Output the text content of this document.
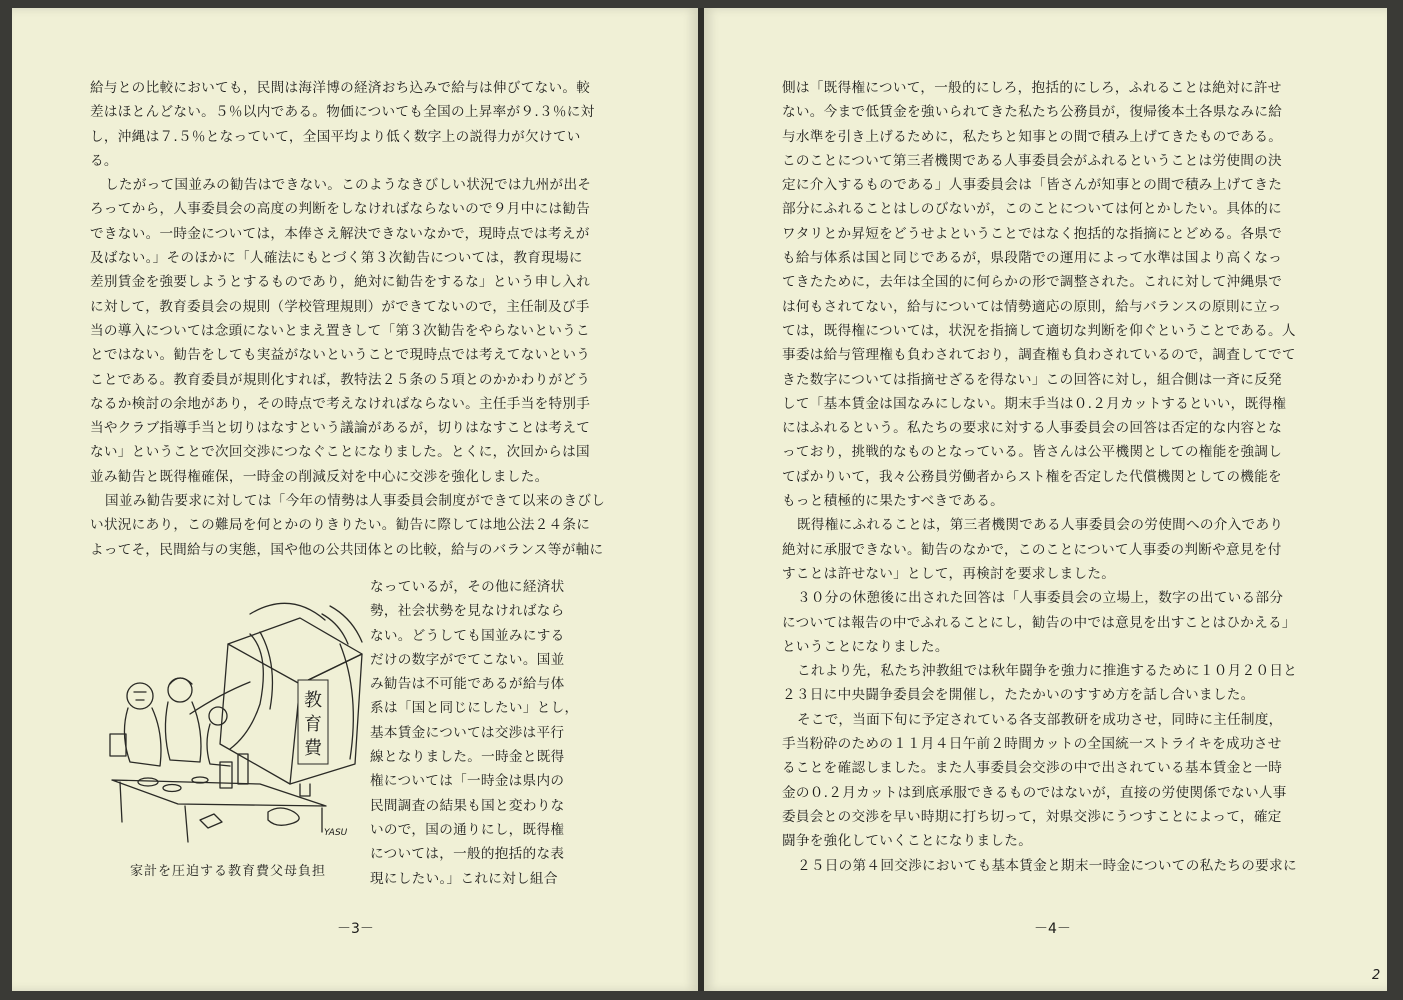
給与との比較においても，民間は海洋博の経済おち込みで給与は伸びてない。較

差はほとんどない。５％以内である。物価についても全国の上昇率が９.３％に対

し，沖縄は７.５％となっていて，全国平均より低く数字上の説得力が欠けてい

る。

したがって国並みの勧告はできない。このようなきびしい状況では九州が出そ

ろってから，人事委員会の高度の判断をしなければならないので９月中には勧告

できない。一時金については，本俸さえ解決できないなかで，現時点では考えが

及ばない。」そのほかに「人確法にもとづく第３次勧告については，教育現場に

差別賃金を強要しようとするものであり，絶対に勧告をするな」という申し入れ

に対して，教育委員会の規則（学校管理規則）ができてないので，主任制及び手

当の導入については念頭にないとまえ置きして「第３次勧告をやらないというこ

とではない。勧告をしても実益がないということで現時点では考えてないという

ことである。教育委員が規則化すれば，教特法２５条の５項とのかかわりがどう

なるか検討の余地があり，その時点で考えなければならない。主任手当を特別手

当やクラブ指導手当と切りはなすという議論があるが，切りはなすことは考えて

ない」ということで次回交渉につなぐことになりました。とくに，次回からは国

並み勧告と既得権確保，一時金の削減反対を中心に交渉を強化しました。

国並み勧告要求に対しては「今年の情勢は人事委員会制度ができて以来のきびし

い状況にあり，この難局を何とかのりきりたい。勧告に際しては地公法２４条に

よってそ，民間給与の実態，国や他の公共団体との比較，給与のバランス等が軸に

なっているが，その他に経済状

勢，社会状勢を見なければなら

ない。どうしても国並みにする

だけの数字がでてこない。国並

み勧告は不可能であるが給与体

系は「国と同じにしたい」とし，

基本賃金については交渉は平行

線となりました。一時金と既得

権については「一時金は県内の

民間調査の結果も国と変わりな

いので，国の通りにし，既得権

については，一般的抱括的な表

現にしたい。」これに対し組合

教育費
YASU
家計を圧迫する教育費父母負担
－3－

側は「既得権について，一般的にしろ，抱括的にしろ，ふれることは絶対に許せ

ない。今まで低賃金を強いられてきた私たち公務員が，復帰後本土各県なみに給

与水準を引き上げるために，私たちと知事との間で積み上げてきたものである。

このことについて第三者機関である人事委員会がふれるということは労使間の決

定に介入するものである」人事委員会は「皆さんが知事との間で積み上げてきた

部分にふれることはしのびないが，このことについては何とかしたい。具体的に

ワタリとか昇短をどうせよということではなく抱括的な指摘にとどめる。各県で

も給与体系は国と同じであるが，県段階での運用によって水準は国より高くなっ

てきたために，去年は全国的に何らかの形で調整された。これに対して沖縄県で

は何もされてない，給与については情勢適応の原則，給与バランスの原則に立っ

ては，既得権については，状況を指摘して適切な判断を仰ぐということである。人

事委は給与管理権も負わされており，調査権も負わされているので，調査してでて

きた数字については指摘せざるを得ない」この回答に対し，組合側は一斉に反発

して「基本賃金は国なみにしない。期末手当は０.２月カットするといい，既得権

にはふれるという。私たちの要求に対する人事委員会の回答は否定的な内容とな

っており，挑戦的なものとなっている。皆さんは公平機関としての権能を強調し

てばかりいて，我々公務員労働者からスト権を否定した代償機関としての機能を

もっと積極的に果たすべきである。

既得権にふれることは，第三者機関である人事委員会の労使間への介入であり

絶対に承服できない。勧告のなかで，このことについて人事委の判断や意見を付

すことは許せない」として，再検討を要求しました。

３０分の休憩後に出された回答は「人事委員会の立場上，数字の出ている部分

については報告の中でふれることにし，勧告の中では意見を出すことはひかえる」

ということになりました。

これより先，私たち沖教組では秋年闘争を強力に推進するために１０月２０日と

２３日に中央闘争委員会を開催し，たたかいのすすめ方を話し合いました。

そこで，当面下旬に予定されている各支部教研を成功させ，同時に主任制度，

手当粉砕のための１１月４日午前２時間カットの全国統一ストライキを成功させ

ることを確認しました。また人事委員会交渉の中で出されている基本賃金と一時

金の０.２月カットは到底承服できるものではないが，直接の労使関係でない人事

委員会との交渉を早い時期に打ち切って，対県交渉にうつすことによって，確定

闘争を強化していくことになりました。

２５日の第４回交渉においても基本賃金と期末一時金についての私たちの要求に

－4－
2
